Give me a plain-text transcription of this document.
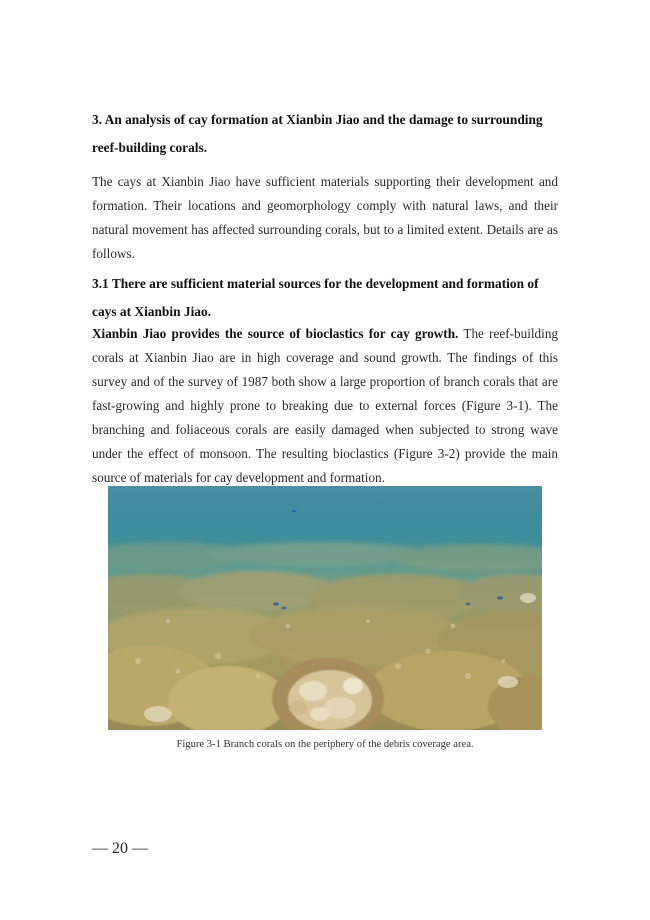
3. An analysis of cay formation at Xianbin Jiao and the damage to surrounding reef-building corals.

The cays at Xianbin Jiao have sufficient materials supporting their development and formation. Their locations and geomorphology comply with natural laws, and their natural movement has affected surrounding corals, but to a limited extent. Details are as follows.

3.1 There are sufficient material sources for the development and formation of cays at Xianbin Jiao.

Xianbin Jiao provides the source of bioclastics for cay growth. The reef-building corals at Xianbin Jiao are in high coverage and sound growth. The findings of this survey and of the survey of 1987 both show a large proportion of branch corals that are fast-growing and highly prone to breaking due to external forces (Figure 3-1). The branching and foliaceous corals are easily damaged when subjected to strong wave under the effect of monsoon. The resulting bioclastics (Figure 3-2) provide the main source of materials for cay development and formation.

Figure 3-1 Branch corals on the periphery of the debris coverage area.
— 20 —
